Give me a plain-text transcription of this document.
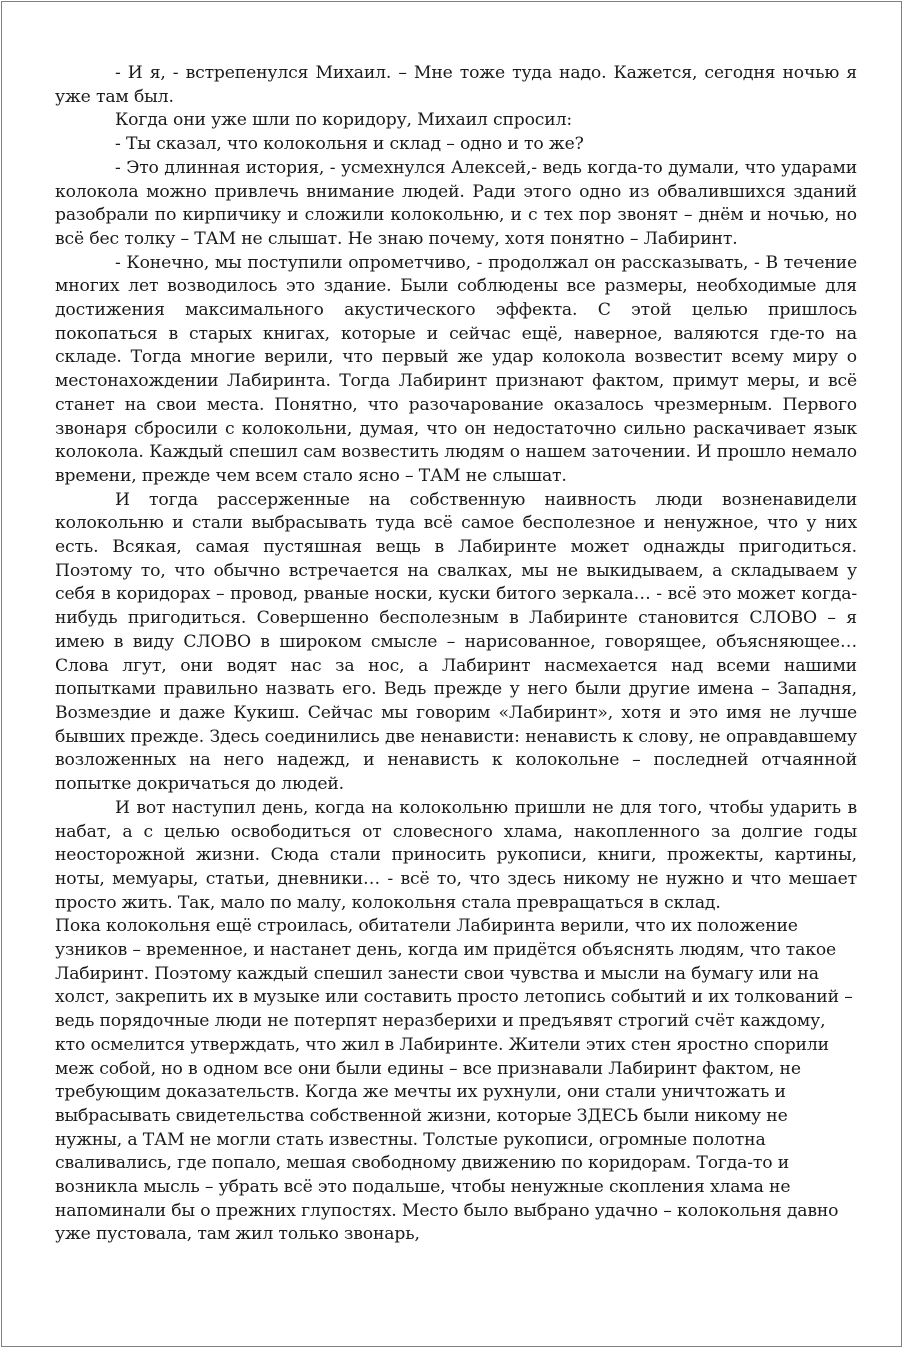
- И я, - встрепенулся Михаил. – Мне тоже туда надо. Кажется, сегодня ночью я уже там был.

Когда они уже шли по коридору, Михаил спросил:

- Ты сказал, что колокольня и склад – одно и то же?

- Это длинная история, - усмехнулся Алексей,- ведь когда-то думали, что ударами колокола можно привлечь внимание людей. Ради этого одно из обвалившихся зданий разобрали по кирпичику и сложили колокольню, и с тех пор звонят – днём и ночью, но всё бес толку – ТАМ не слышат. Не знаю почему, хотя понятно – Лабиринт.

- Конечно, мы поступили опрометчиво, - продолжал он рассказывать, - В течение многих лет возводилось это здание. Были соблюдены все размеры, необходимые для достижения максимального акустического эффекта. С этой целью пришлось покопаться в старых книгах, которые и сейчас ещё, наверное, валяются где-то на складе. Тогда многие верили, что первый же удар колокола возвестит всему миру о местонахождении Лабиринта. Тогда Лабиринт признают фактом, примут меры, и всё станет на свои места. Понятно, что разочарование оказалось чрезмерным. Первого звонаря сбросили с колокольни, думая, что он недостаточно сильно раскачивает язык колокола. Каждый спешил сам возвестить людям о нашем заточении. И прошло немало времени, прежде чем всем стало ясно – ТАМ не слышат.

И тогда рассерженные на собственную наивность люди возненавидели колокольню и стали выбрасывать туда всё самое бесполезное и ненужное, что у них есть. Всякая, самая пустяшная вещь в Лабиринте может однажды пригодиться. Поэтому то, что обычно встречается на свалках, мы не выкидываем, а складываем у себя в коридорах – провод, рваные носки, куски битого зеркала… - всё это может когда-нибудь пригодиться. Совершенно бесполезным в Лабиринте становится СЛОВО – я имею в виду СЛОВО в широком смысле – нарисованное, говорящее, объясняющее… Слова лгут, они водят нас за нос, а Лабиринт насмехается над всеми нашими попытками правильно назвать его. Ведь прежде у него были другие имена – Западня, Возмездие и даже Кукиш. Сейчас мы говорим «Лабиринт», хотя и это имя не лучше бывших прежде. Здесь соединились две ненависти: ненависть к слову, не оправдавшему возложенных на него надежд, и ненависть к колокольне – последней отчаянной попытке докричаться до людей.

И вот наступил день, когда на колокольню пришли не для того, чтобы ударить в набат, а с целью освободиться от словесного хлама, накопленного за долгие годы неосторожной жизни. Сюда стали приносить рукописи, книги, прожекты, картины, ноты, мемуары, статьи, дневники… - всё то, что здесь никому не нужно и что мешает просто жить. Так, мало по малу, колокольня стала превращаться в склад.

Пока колокольня ещё строилась, обитатели Лабиринта верили, что их положение узников – временное, и настанет день, когда им придётся объяснять людям, что такое Лабиринт. Поэтому каждый спешил занести свои чувства и мысли на бумагу или на холст, закрепить их в музыке или составить просто летопись событий и их толкований – ведь порядочные люди не потерпят неразберихи и предъявят строгий счёт каждому, кто осмелится утверждать, что жил в Лабиринте. Жители этих стен яростно спорили меж собой, но в одном все они были едины – все признавали Лабиринт фактом, не требующим доказательств. Когда же мечты их рухнули, они стали уничтожать и выбрасывать свидетельства собственной жизни, которые ЗДЕСЬ были никому не нужны, а ТАМ не могли стать известны. Толстые рукописи, огромные полотна сваливались, где попало, мешая свободному движению по коридорам. Тогда-то и возникла мысль – убрать всё это подальше, чтобы ненужные скопления хлама не напоминали бы о прежних глупостях. Место было выбрано удачно – колокольня давно уже пустовала, там жил только звонарь,
